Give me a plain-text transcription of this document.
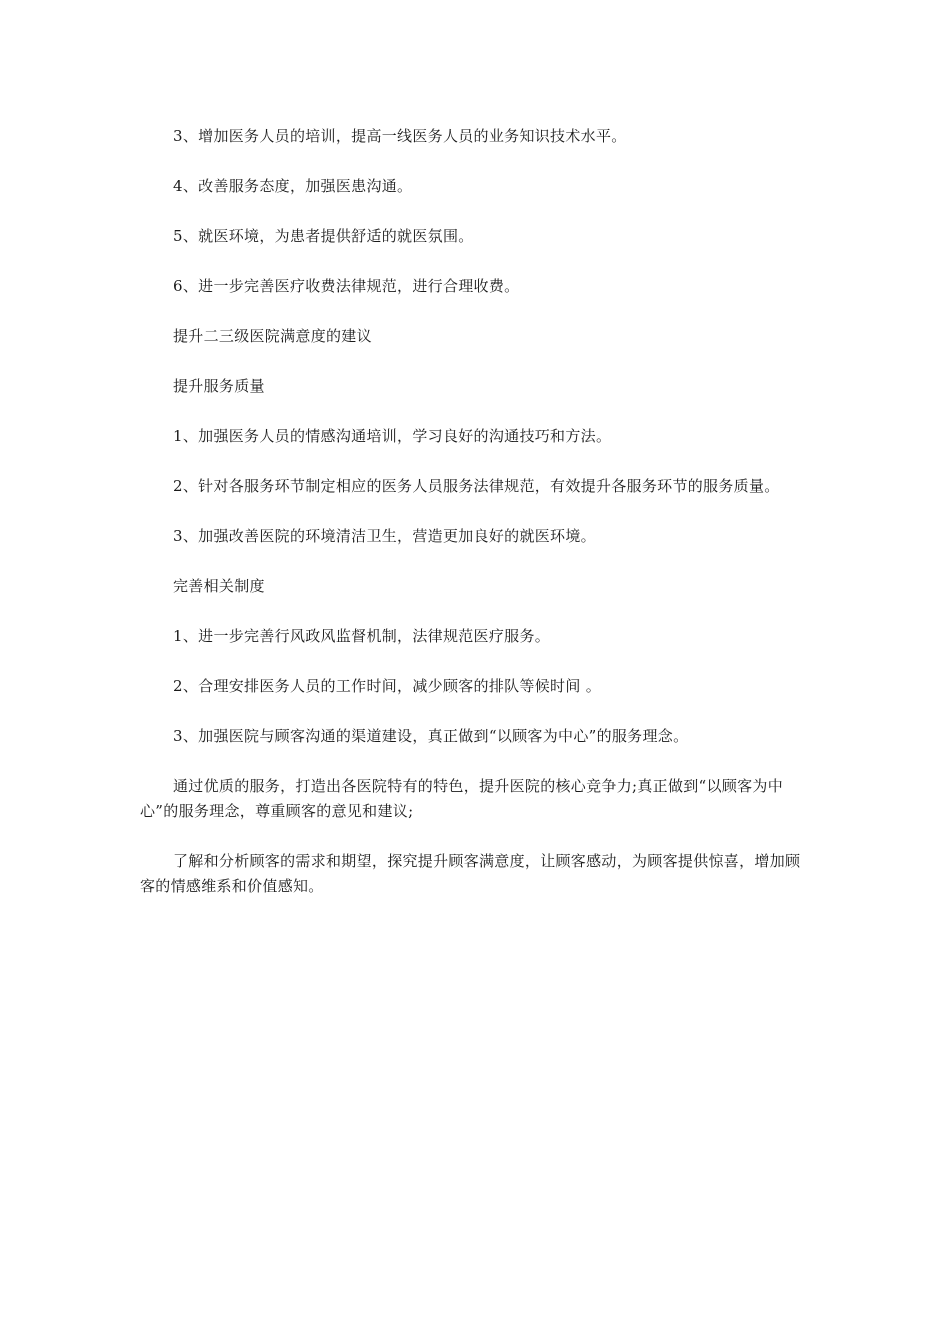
3、增加医务人员的培训，提高一线医务人员的业务知识技术水平。

4、改善服务态度，加强医患沟通。

5、就医环境，为患者提供舒适的就医氛围。

6、进一步完善医疗收费法律规范，进行合理收费。

提升二三级医院满意度的建议

提升服务质量

1、加强医务人员的情感沟通培训，学习良好的沟通技巧和方法。

2、针对各服务环节制定相应的医务人员服务法律规范，有效提升各服务环节的服务质量。

3、加强改善医院的环境清洁卫生，营造更加良好的就医环境。

完善相关制度

1、进一步完善行风政风监督机制，法律规范医疗服务。

2、合理安排医务人员的工作时间，减少顾客的排队等候时间 。

3、加强医院与顾客沟通的渠道建设，真正做到“以顾客为中心”的服务理念。

通过优质的服务，打造出各医院特有的特色，提升医院的核心竞争力;真正做到“以顾客为中心”的服务理念，尊重顾客的意见和建议;

了解和分析顾客的需求和期望，探究提升顾客满意度，让顾客感动，为顾客提供惊喜，增加顾客的情感维系和价值感知。
